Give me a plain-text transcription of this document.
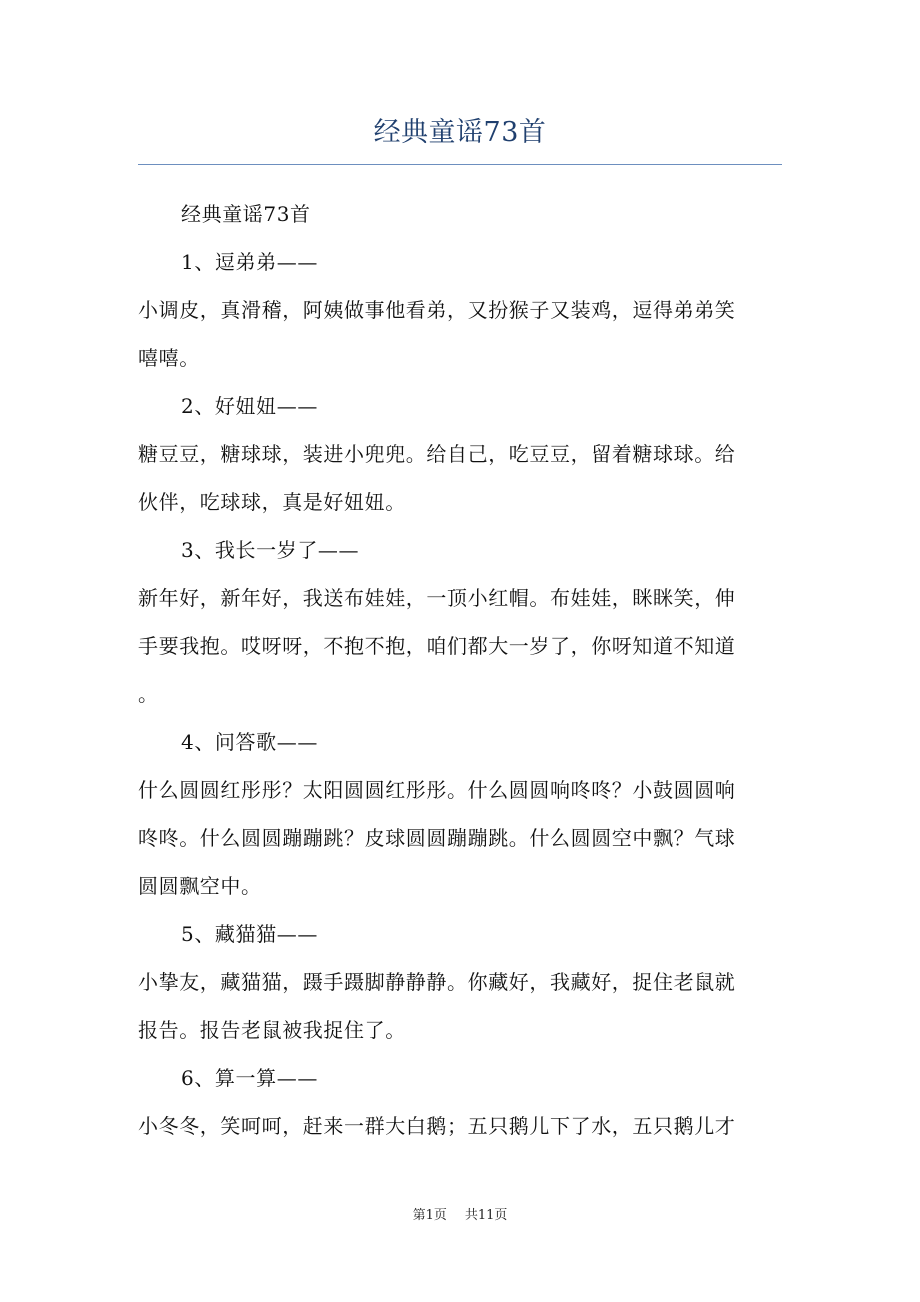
经典童谣73首
经典童谣73首
1、逗弟弟——
小调皮，真滑稽，阿姨做事他看弟，又扮猴子又装鸡，逗得弟弟笑
嘻嘻。
2、好妞妞——
糖豆豆，糖球球，装进小兜兜。给自己，吃豆豆，留着糖球球。给
伙伴，吃球球，真是好妞妞。
3、我长一岁了——
新年好，新年好，我送布娃娃，一顶小红帽。布娃娃，眯眯笑，伸
手要我抱。哎呀呀，不抱不抱，咱们都大一岁了，你呀知道不知道
。
4、问答歌——
什么圆圆红彤彤？太阳圆圆红彤彤。什么圆圆响咚咚？小鼓圆圆响
咚咚。什么圆圆蹦蹦跳？皮球圆圆蹦蹦跳。什么圆圆空中飘？气球
圆圆飘空中。
5、藏猫猫——
小挚友，藏猫猫，蹑手蹑脚静静静。你藏好，我藏好，捉住老鼠就
报告。报告老鼠被我捉住了。
6、算一算——
小冬冬，笑呵呵，赶来一群大白鹅；五只鹅儿下了水，五只鹅儿才
第1页 共11页
